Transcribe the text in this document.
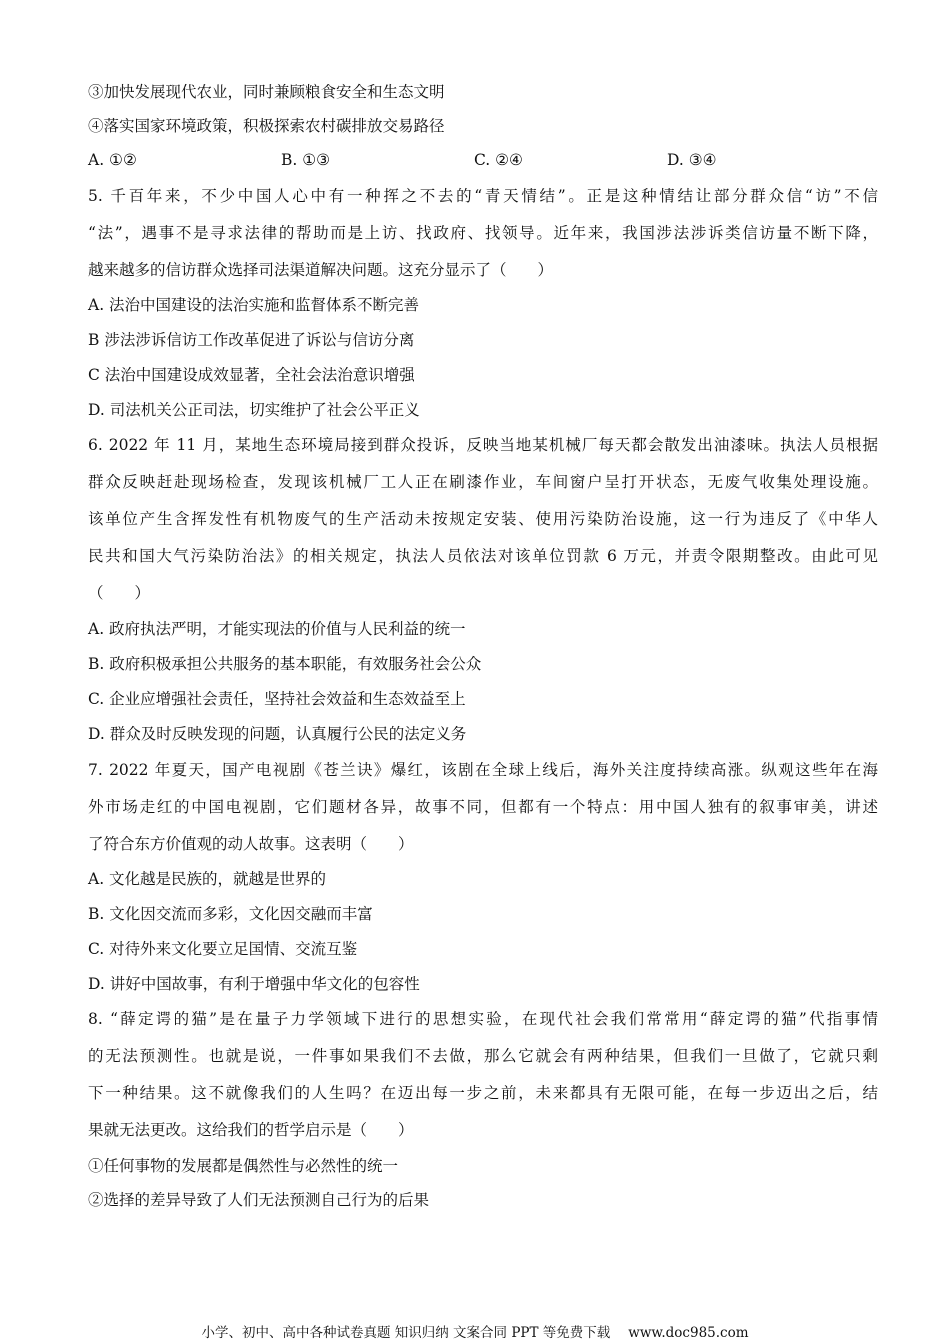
③加快发展现代农业，同时兼顾粮食安全和生态文明
④落实国家环境政策，积极探索农村碳排放交易路径
A. ①②	B. ①③	C. ②④	D. ③④
5. 千百年来，不少中国人心中有一种挥之不去的“青天情结”。正是这种情结让部分群众信“访”不信
“法”，遇事不是寻求法律的帮助而是上访、找政府、找领导。近年来，我国涉法涉诉类信访量不断下降，
越来越多的信访群众选择司法渠道解决问题。这充分显示了（　　）
A. 法治中国建设的法治实施和监督体系不断完善
B 涉法涉诉信访工作改革促进了诉讼与信访分离
C 法治中国建设成效显著，全社会法治意识增强
D. 司法机关公正司法，切实维护了社会公平正义
6. 2022 年 11 月，某地生态环境局接到群众投诉，反映当地某机械厂每天都会散发出油漆味。执法人员根据
群众反映赶赴现场检查，发现该机械厂工人正在刷漆作业，车间窗户呈打开状态，无废气收集处理设施。
该单位产生含挥发性有机物废气的生产活动未按规定安装、使用污染防治设施，这一行为违反了《中华人
民共和国大气污染防治法》的相关规定，执法人员依法对该单位罚款 6 万元，并责令限期整改。由此可见
（　　）
A. 政府执法严明，才能实现法的价值与人民利益的统一
B. 政府积极承担公共服务的基本职能，有效服务社会公众
C. 企业应增强社会责任，坚持社会效益和生态效益至上
D. 群众及时反映发现的问题，认真履行公民的法定义务
7. 2022 年夏天，国产电视剧《苍兰诀》爆红，该剧在全球上线后，海外关注度持续高涨。纵观这些年在海
外市场走红的中国电视剧，它们题材各异，故事不同，但都有一个特点：用中国人独有的叙事审美，讲述
了符合东方价值观的动人故事。这表明（　　）
A. 文化越是民族的，就越是世界的
B. 文化因交流而多彩，文化因交融而丰富
C. 对待外来文化要立足国情、交流互鉴
D. 讲好中国故事，有利于增强中华文化的包容性
8. “薛定谔的猫”是在量子力学领域下进行的思想实验，在现代社会我们常常用“薛定谔的猫”代指事情
的无法预测性。也就是说，一件事如果我们不去做，那么它就会有两种结果，但我们一旦做了，它就只剩
下一种结果。这不就像我们的人生吗？在迈出每一步之前，未来都具有无限可能，在每一步迈出之后，结
果就无法更改。这给我们的哲学启示是（　　）
①任何事物的发展都是偶然性与必然性的统一
②选择的差异导致了人们无法预测自己行为的后果
小学、初中、高中各种试卷真题 知识归纳 文案合同 PPT 等免费下载 www.doc985.com
